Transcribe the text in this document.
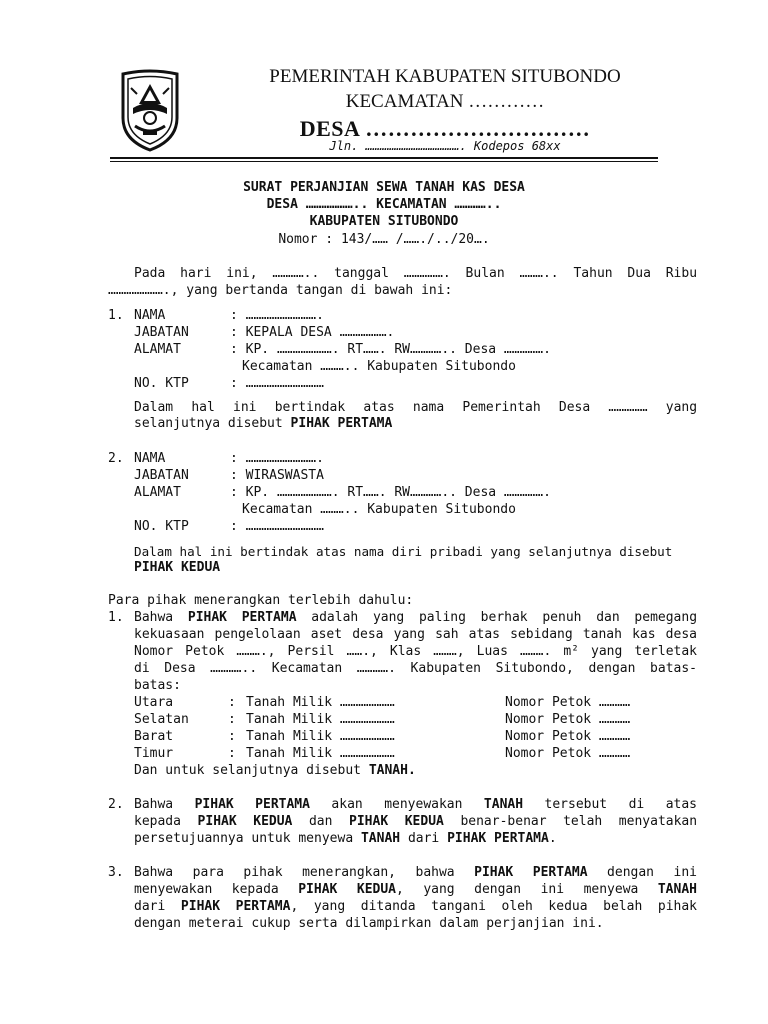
PEMERINTAH KABUPATEN SITUBONDO
KECAMATAN …………
DESA …………………………
Jln. …………………………………. Kodepos 68xx
SURAT PERJANJIAN SEWA TANAH KAS DESA
DESA ……………….. KECAMATAN …………..
KABUPATEN SITUBONDO
Nomor : 143/…… /……./../20….
Pada hari ini, ………….. tanggal ……………. Bulan ……….. Tahun Dua Ribu
…………………., yang bertanda tangan di bawah ini:
1. NAMA	: ……………………….
JABATAN	: KEPALA DESA ……………….
ALAMAT	: KP. …………………. RT……. RW………….. Desa …………….
Kecamatan ……….. Kabupaten Situbondo
NO. KTP	: …………………………
Dalam hal ini bertindak atas nama Pemerintah Desa …………… yang
selanjutnya disebut PIHAK PERTAMA
2. NAMA	: ……………………….
JABATAN	: WIRASWASTA
ALAMAT	: KP. …………………. RT……. RW………….. Desa …………….
Kecamatan ……….. Kabupaten Situbondo
NO. KTP	: …………………………
Dalam hal ini bertindak atas nama diri pribadi yang selanjutnya disebut
PIHAK KEDUA
Para pihak menerangkan terlebih dahulu:
1. Bahwa PIHAK PERTAMA adalah yang paling berhak penuh dan pemegang
kekuasaan pengelolaan aset desa yang sah atas sebidang tanah kas desa
Nomor Petok ………., Persil ……., Klas ………, Luas ………. m² yang terletak
di Desa ………….. Kecamatan …………. Kabupaten Situbondo, dengan batas-
batas:
Utara	: Tanah Milik …………………	Nomor Petok …………
Selatan	: Tanah Milik …………………	Nomor Petok …………
Barat	: Tanah Milik …………………	Nomor Petok …………
Timur	: Tanah Milik …………………	Nomor Petok …………
Dan untuk selanjutnya disebut TANAH.
2. Bahwa PIHAK PERTAMA akan menyewakan TANAH tersebut di atas
kepada PIHAK KEDUA dan PIHAK KEDUA benar-benar telah menyatakan
persetujuannya untuk menyewa TANAH dari PIHAK PERTAMA.
3. Bahwa para pihak menerangkan, bahwa PIHAK PERTAMA dengan ini
menyewakan kepada PIHAK KEDUA, yang dengan ini menyewa TANAH
dari PIHAK PERTAMA, yang ditanda tangani oleh kedua belah pihak
dengan meterai cukup serta dilampirkan dalam perjanjian ini.
